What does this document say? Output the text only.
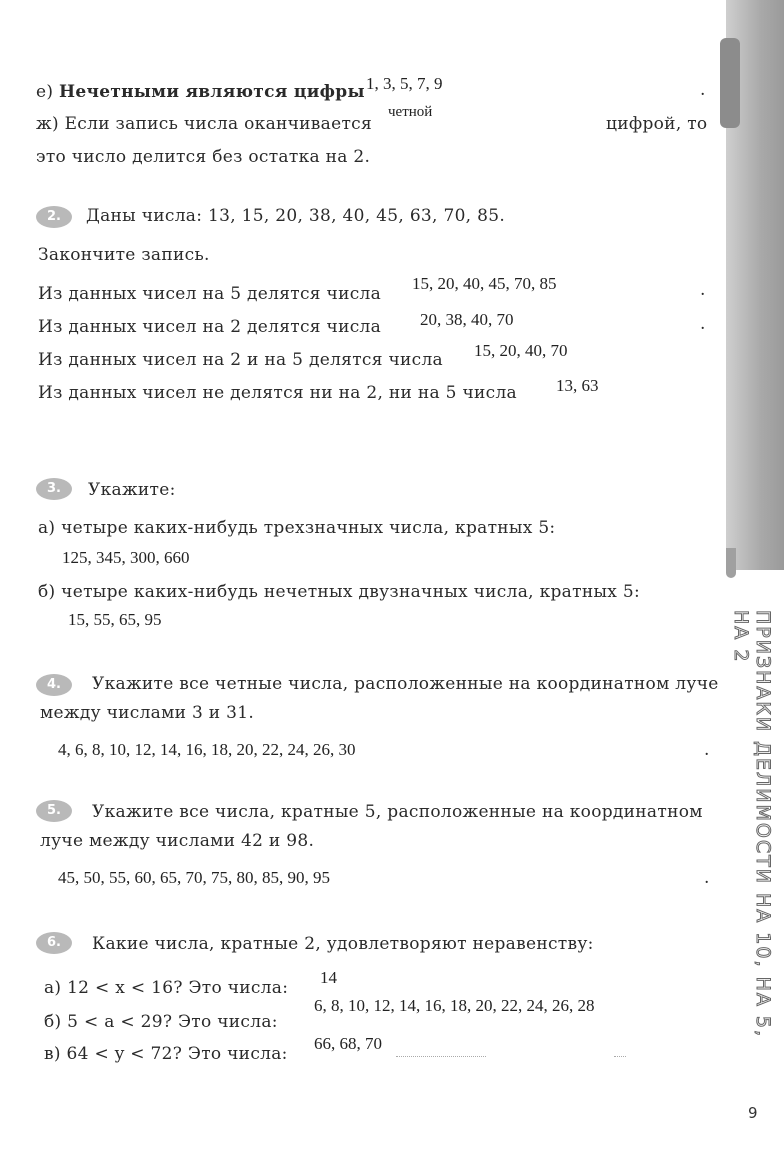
ПРИЗНАКИ ДЕЛИМОСТИ НА 10, НА 5, НА 2
9
е) Нечетными являются цифры 1, 3, 5, 7, 9	.
ж) Если запись числа оканчивается
четной
цифрой, то
это число делится без остатка на 2.
2.	Даны числа: 13, 15, 20, 38, 40, 45, 63, 70, 85.
Закончите запись.
Из данных чисел на 5 делятся числа
15, 20, 40, 45, 70, 85	.
Из данных чисел на 2 делятся числа 20, 38, 40, 70	.
Из данных чисел на 2 и на 5 делятся числа 15, 20, 40, 70
Из данных чисел не делятся ни на 2, ни на 5 числа 13, 63
3.	Укажите:
а) четыре каких-нибудь трехзначных числа, кратных 5:
125, 345, 300, 660
б) четыре каких-нибудь нечетных двузначных числа, кратных 5:
15, 55, 65, 95
4.	Укажите все четные числа, расположенные на координатном луче
между числами 3 и 31.
4, 6, 8, 10, 12, 14, 16, 18, 20, 22, 24, 26, 30	.
5.	Укажите все числа, кратные 5, расположенные на координатном
луче между числами 42 и 98.
45, 50, 55, 60, 65, 70, 75, 80, 85, 90, 95	.
6.	Какие числа, кратные 2, удовлетворяют неравенству:
а) 12 < x < 16? Это числа:
14
б) 5 < a < 29? Это числа:
6, 8, 10, 12, 14, 16, 18, 20, 22, 24, 26, 28
в) 64 < y < 72? Это числа:
66, 68, 70
